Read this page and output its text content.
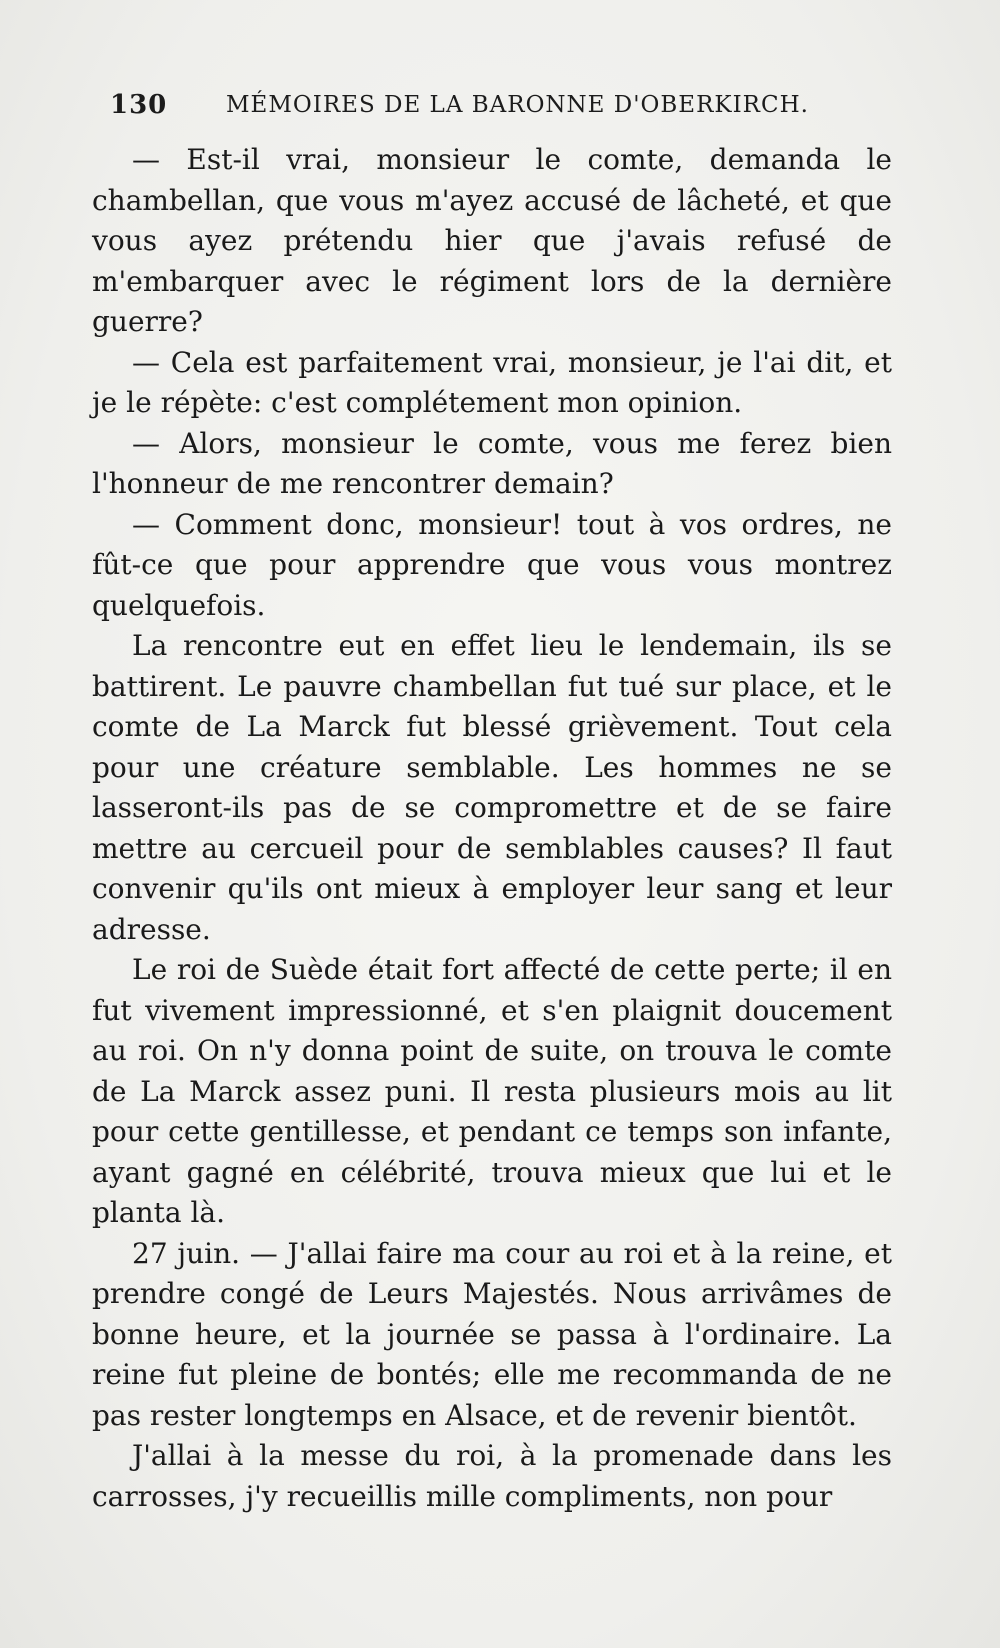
130	MÉMOIRES DE LA BARONNE D'OBERKIRCH.

— Est-il vrai, monsieur le comte, demanda le chambellan, que vous m'ayez accusé de lâcheté, et que vous ayez prétendu hier que j'avais refusé de m'embarquer avec le régiment lors de la dernière guerre?

— Cela est parfaitement vrai, monsieur, je l'ai dit, et je le répète: c'est complétement mon opinion.

— Alors, monsieur le comte, vous me ferez bien l'honneur de me rencontrer demain?

— Comment donc, monsieur! tout à vos ordres, ne fût-ce que pour apprendre que vous vous montrez quelquefois.

La rencontre eut en effet lieu le lendemain, ils se battirent. Le pauvre chambellan fut tué sur place, et le comte de La Marck fut blessé grièvement. Tout cela pour une créature semblable. Les hommes ne se lasseront-ils pas de se compromettre et de se faire mettre au cercueil pour de semblables causes? Il faut convenir qu'ils ont mieux à employer leur sang et leur adresse.

Le roi de Suède était fort affecté de cette perte; il en fut vivement impressionné, et s'en plaignit doucement au roi. On n'y donna point de suite, on trouva le comte de La Marck assez puni. Il resta plusieurs mois au lit pour cette gentillesse, et pendant ce temps son infante, ayant gagné en célébrité, trouva mieux que lui et le planta là.

27 juin. — J'allai faire ma cour au roi et à la reine, et prendre congé de Leurs Majestés. Nous arrivâmes de bonne heure, et la journée se passa à l'ordinaire. La reine fut pleine de bontés; elle me recommanda de ne pas rester longtemps en Alsace, et de revenir bientôt.

J'allai à la messe du roi, à la promenade dans les carrosses, j'y recueillis mille compliments, non pour
